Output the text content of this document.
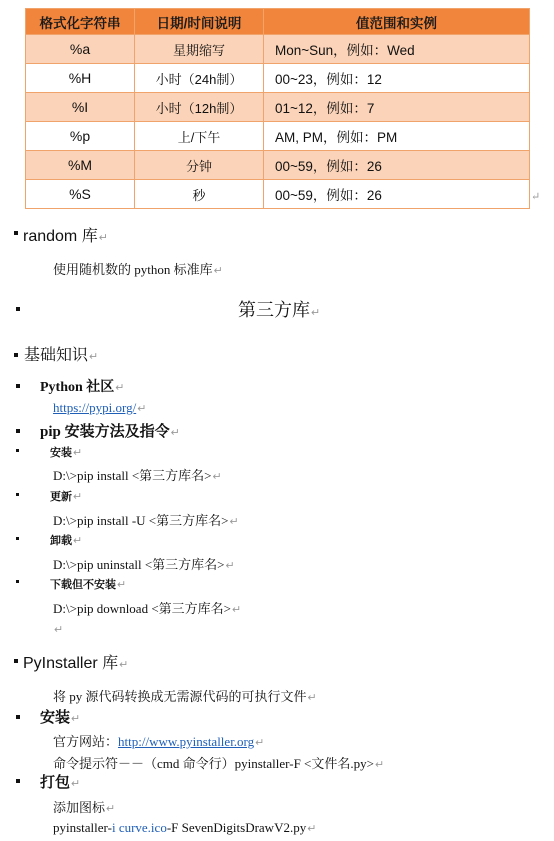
格式化字符串	日期/时间说明	值范围和实例
%a	星期缩写	Mon~Sun，例如：Wed
%H	小时（24h制）	00~23，例如：12
%I	小时（12h制）	01~12，例如：7
%p	上/下午	AM, PM，例如：PM
%M	分钟	00~59，例如：26
%S	秒	00~59，例如：26	↵
random 库↵
使用随机数的 python 标准库↵
第三方库↵
基础知识↵
Python 社区↵
https://pypi.org/↵
pip 安装方法及指令↵
安装↵
D:\>pip install <第三方库名>↵
更新↵
D:\>pip install -U <第三方库名>↵
卸载↵
D:\>pip uninstall <第三方库名>↵
下载但不安装↵
D:\>pip download <第三方库名>↵
↵
PyInstaller 库↵
将 py 源代码转换成无需源代码的可执行文件↵
安装↵
官方网站：http://www.pyinstaller.org↵
命令提示符－－（cmd 命令行）pyinstaller-F <文件名.py>↵
打包↵
添加图标↵
pyinstaller-i curve.ico-F SevenDigitsDrawV2.py↵
